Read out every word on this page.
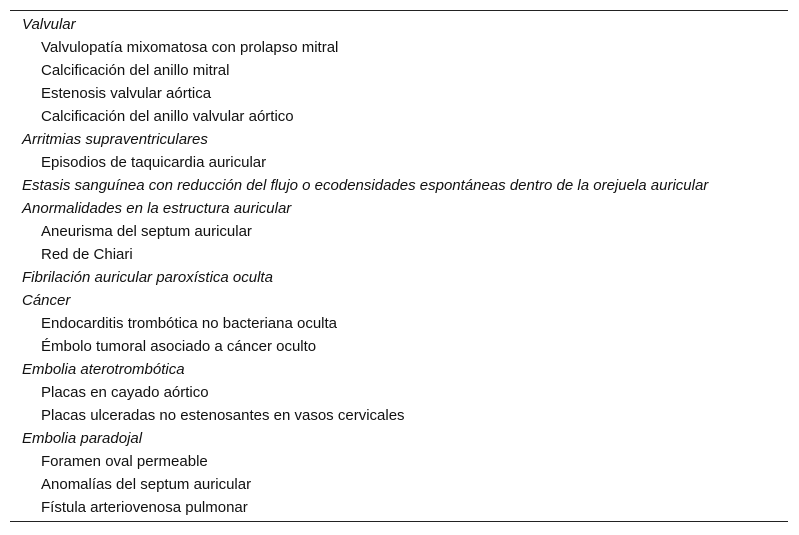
Valvular
Valvulopatía mixomatosa con prolapso mitral
Calcificación del anillo mitral
Estenosis valvular aórtica
Calcificación del anillo valvular aórtico
Arritmias supraventriculares
Episodios de taquicardia auricular
Estasis sanguínea con reducción del flujo o ecodensidades espontáneas dentro de la orejuela auricular
Anormalidades en la estructura auricular
Aneurisma del septum auricular
Red de Chiari
Fibrilación auricular paroxística oculta
Cáncer
Endocarditis trombótica no bacteriana oculta
Émbolo tumoral asociado a cáncer oculto
Embolia aterotrombótica
Placas en cayado aórtico
Placas ulceradas no estenosantes en vasos cervicales
Embolia paradojal
Foramen oval permeable
Anomalías del septum auricular
Fístula arteriovenosa pulmonar
